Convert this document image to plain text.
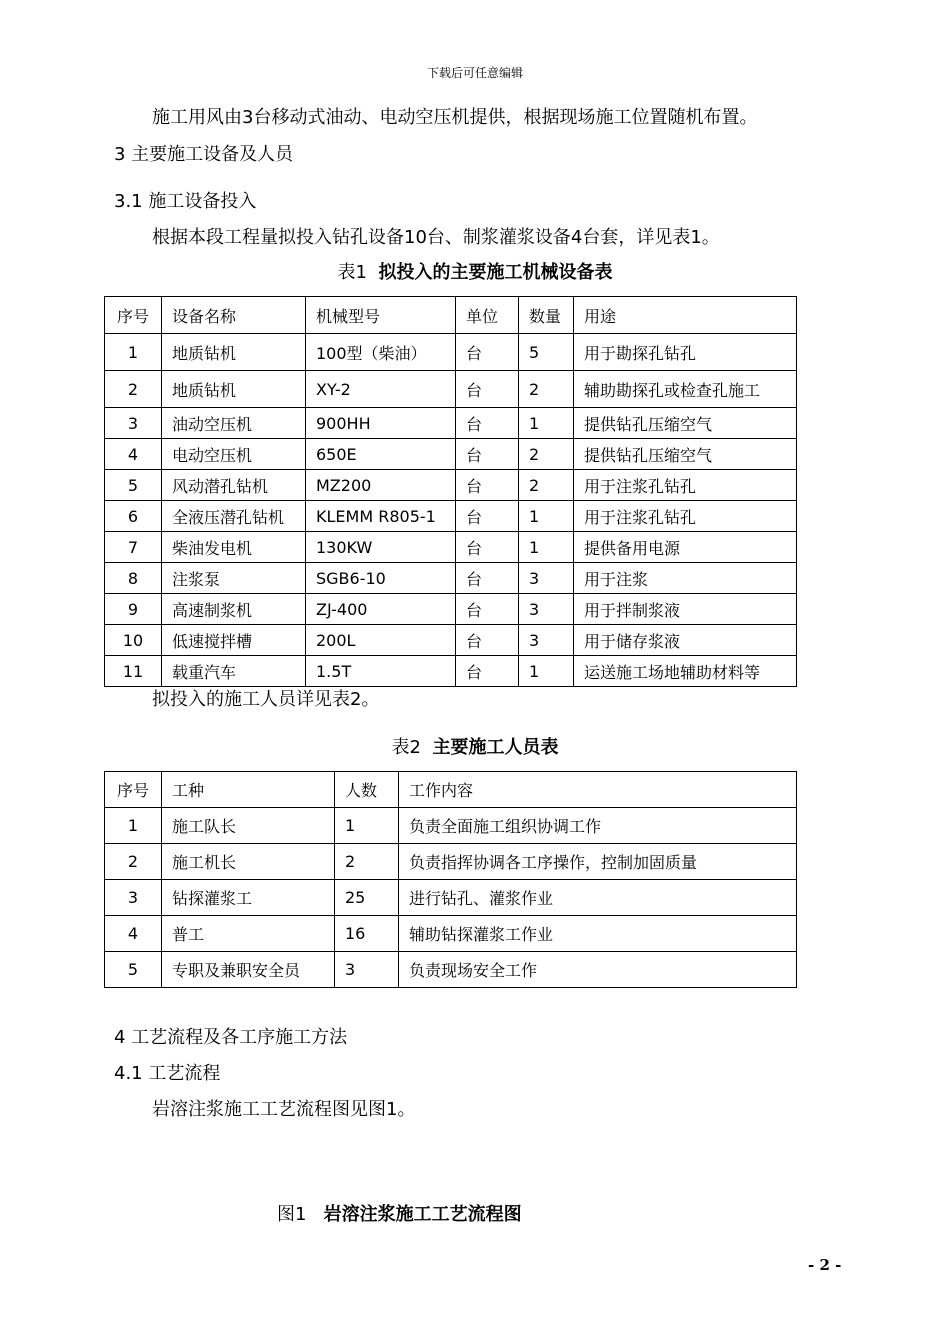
下载后可任意编辑
施工用风由3台移动式油动、电动空压机提供，根据现场施工位置随机布置。
3 主要施工设备及人员
3.1 施工设备投入
根据本段工程量拟投入钻孔设备10台、制浆灌浆设备4台套，详见表1。
表1 拟投入的主要施工机械设备表
序号	设备名称	机械型号	单位	数量	用途
1	地质钻机	100型（柴油）	台	5	用于勘探孔钻孔
2	地质钻机	XY-2	台	2	辅助勘探孔或检查孔施工
3	油动空压机	900HH	台	1	提供钻孔压缩空气
4	电动空压机	650E	台	2	提供钻孔压缩空气
5	风动潜孔钻机	MZ200	台	2	用于注浆孔钻孔
6	全液压潜孔钻机	KLEMM R805-1	台	1	用于注浆孔钻孔
7	柴油发电机	130KW	台	1	提供备用电源
8	注浆泵	SGB6-10	台	3	用于注浆
9	高速制浆机	ZJ-400	台	3	用于拌制浆液
10	低速搅拌槽	200L	台	3	用于储存浆液
11	载重汽车	1.5T	台	1	运送施工场地辅助材料等
拟投入的施工人员详见表2。
表2 主要施工人员表
序号	工种	人数	工作内容
1	施工队长	1	负责全面施工组织协调工作
2	施工机长	2	负责指挥协调各工序操作，控制加固质量
3	钻探灌浆工	25	进行钻孔、灌浆作业
4	普工	16	辅助钻探灌浆工作业
5	专职及兼职安全员	3	负责现场安全工作
4 工艺流程及各工序施工方法
4.1 工艺流程
岩溶注浆施工工艺流程图见图1。
图1 岩溶注浆施工工艺流程图
- 2 -
